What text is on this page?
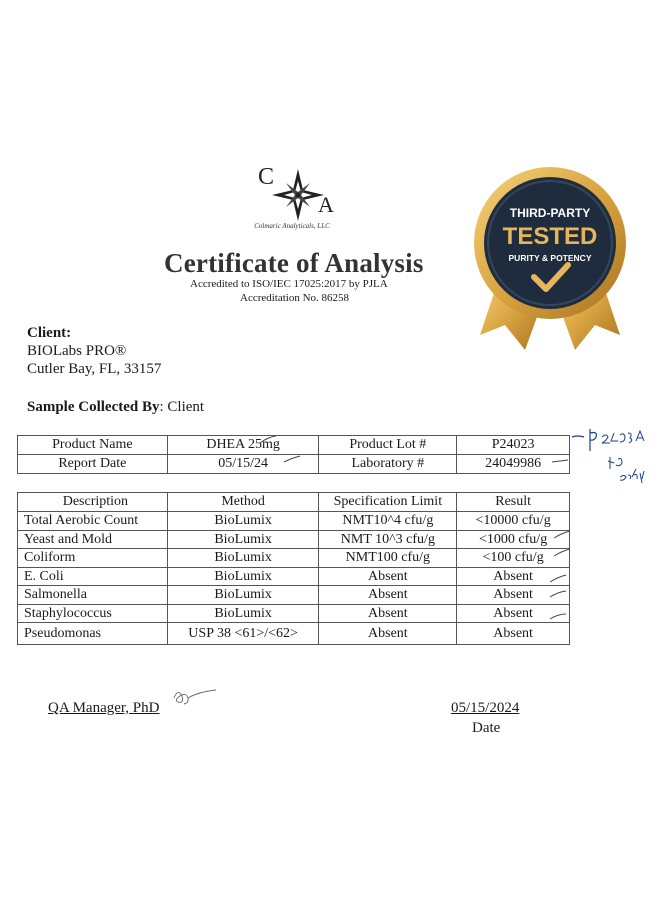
C
A
Colmaric Analyticals, LLC
Certificate of Analysis
Accredited to ISO/IEC 17025:2017 by PJLA
Accreditation No. 86258
THIRD-PARTY
TESTED
PURITY & POTENCY
Client:
BIOLabs PRO®
Cutler Bay, FL, 33157
Sample Collected By: Client
Product Name	DHEA 25mg	Product Lot #	P24023
Report Date	05/15/24	Laboratory #	24049986
Description	Method	Specification Limit	Result
Total Aerobic Count	BioLumix	NMT10^4 cfu/g	<10000 cfu/g
Yeast and Mold	BioLumix	NMT 10^3 cfu/g	<1000 cfu/g
Coliform	BioLumix	NMT100 cfu/g	<100 cfu/g
E. Coli	BioLumix	Absent	Absent
Salmonella	BioLumix	Absent	Absent
Staphylococcus	BioLumix	Absent	Absent
Pseudomonas	USP 38 <61>/<62>	Absent	Absent
QA Manager, PhD	05/15/2024
Date
